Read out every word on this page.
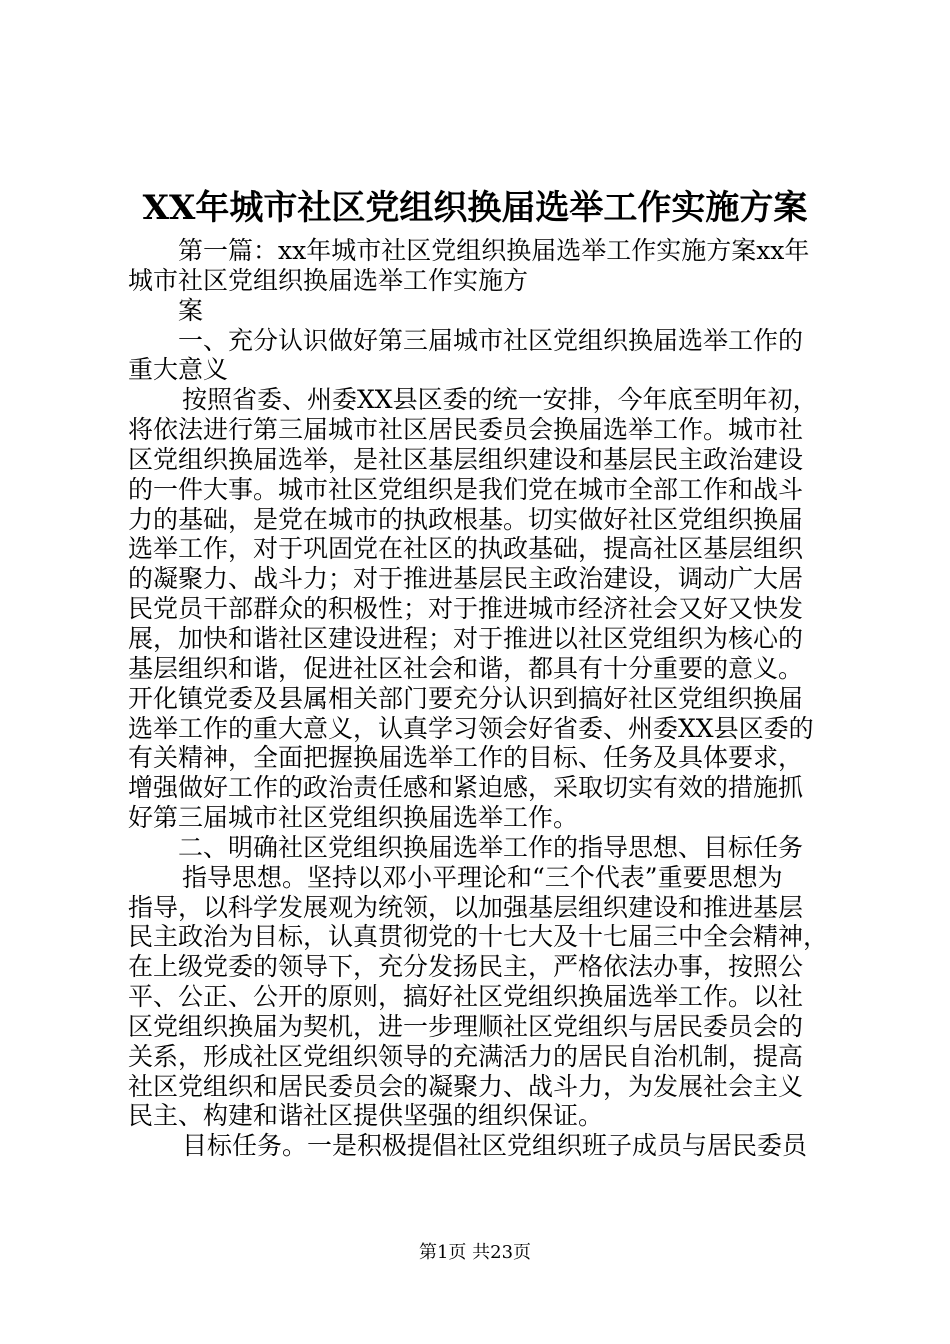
XX年城市社区党组织换届选举工作实施方案
第一篇：xx年城市社区党组织换届选举工作实施方案xx年
城市社区党组织换届选举工作实施方
案
一、充分认识做好第三届城市社区党组织换届选举工作的
重大意义
按照省委、州委XX县区委的统一安排，今年底至明年初，
将依法进行第三届城市社区居民委员会换届选举工作。城市社
区党组织换届选举，是社区基层组织建设和基层民主政治建设
的一件大事。城市社区党组织是我们党在城市全部工作和战斗
力的基础，是党在城市的执政根基。切实做好社区党组织换届
选举工作，对于巩固党在社区的执政基础，提高社区基层组织
的凝聚力、战斗力；对于推进基层民主政治建设，调动广大居
民党员干部群众的积极性；对于推进城市经济社会又好又快发
展，加快和谐社区建设进程；对于推进以社区党组织为核心的
基层组织和谐，促进社区社会和谐，都具有十分重要的意义。
开化镇党委及县属相关部门要充分认识到搞好社区党组织换届
选举工作的重大意义，认真学习领会好省委、州委XX县区委的
有关精神，全面把握换届选举工作的目标、任务及具体要求，
增强做好工作的政治责任感和紧迫感，采取切实有效的措施抓
好第三届城市社区党组织换届选举工作。
二、明确社区党组织换届选举工作的指导思想、目标任务
指导思想。坚持以邓小平理论和“三个代表”重要思想为
指导，以科学发展观为统领，以加强基层组织建设和推进基层
民主政治为目标，认真贯彻党的十七大及十七届三中全会精神，
在上级党委的领导下，充分发扬民主，严格依法办事，按照公
平、公正、公开的原则，搞好社区党组织换届选举工作。以社
区党组织换届为契机，进一步理顺社区党组织与居民委员会的
关系，形成社区党组织领导的充满活力的居民自治机制，提高
社区党组织和居民委员会的凝聚力、战斗力，为发展社会主义
民主、构建和谐社区提供坚强的组织保证。
目标任务。一是积极提倡社区党组织班子成员与居民委员
第1页 共23页
